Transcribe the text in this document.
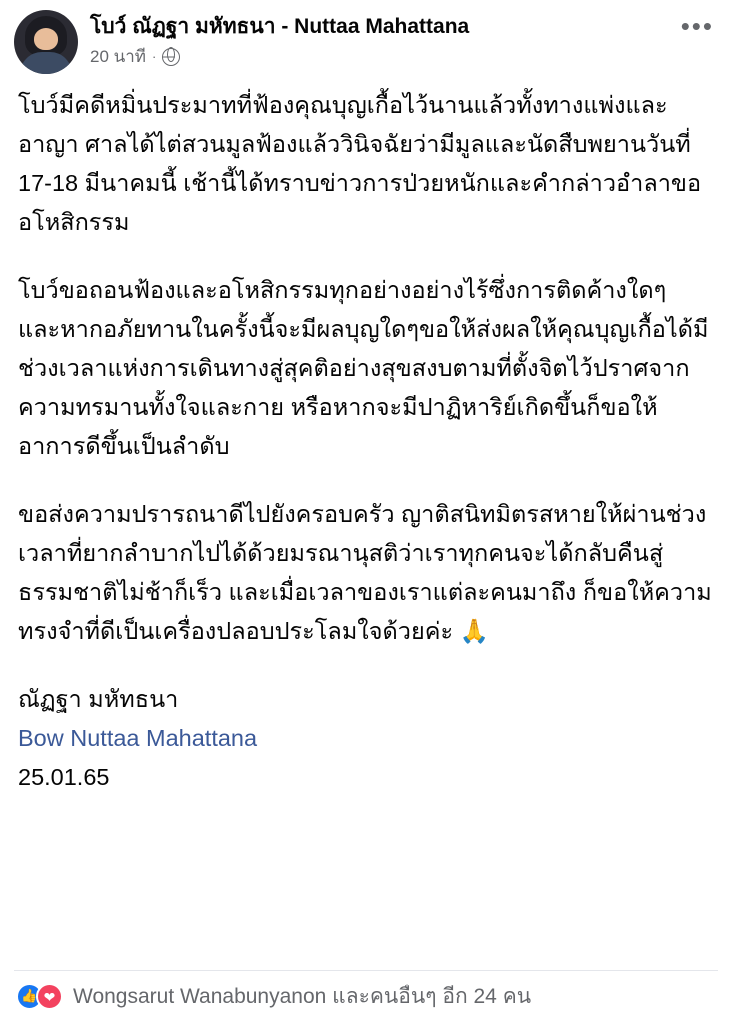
โบว์ ณัฏฐา มหัทธนา - Nuttaa Mahattana
20 นาที ·
•••

โบว์มีคดีหมิ่นประมาทที่ฟ้องคุณบุญเกื้อไว้นานแล้วทั้งทางแพ่งและอาญา ศาลได้ไต่สวนมูลฟ้องแล้ววินิจฉัยว่ามีมูลและนัดสืบพยานวันที่ 17-18 มีนาคมนี้ เช้านี้ได้ทราบข่าวการป่วยหนักและคำกล่าวอำลาขออโหสิกรรม

โบว์ขอถอนฟ้องและอโหสิกรรมทุกอย่างอย่างไร้ซึ่งการติดค้างใดๆ และหากอภัยทานในครั้งนี้จะมีผลบุญใดๆขอให้ส่งผลให้คุณบุญเกื้อได้มีช่วงเวลาแห่งการเดินทางสู่สุคติอย่างสุขสงบตามที่ตั้งจิตไว้ปราศจากความทรมานทั้งใจและกาย หรือหากจะมีปาฏิหาริย์เกิดขึ้นก็ขอให้อาการดีขึ้นเป็นลำดับ

ขอส่งความปรารถนาดีไปยังครอบครัว ญาติสนิทมิตรสหายให้ผ่านช่วงเวลาที่ยากลำบากไปได้ด้วยมรณานุสติว่าเราทุกคนจะได้กลับคืนสู่ธรรมชาติไม่ช้าก็เร็ว และเมื่อเวลาของเราแต่ละคนมาถึง ก็ขอให้ความทรงจำที่ดีเป็นเครื่องปลอบประโลมใจด้วยค่ะ 🙏

ณัฏฐา มหัทธนา

Bow Nuttaa Mahattana

25.01.65

👍 ❤ Wongsarut Wanabunyanon และคนอื่นๆ อีก 24 คน
